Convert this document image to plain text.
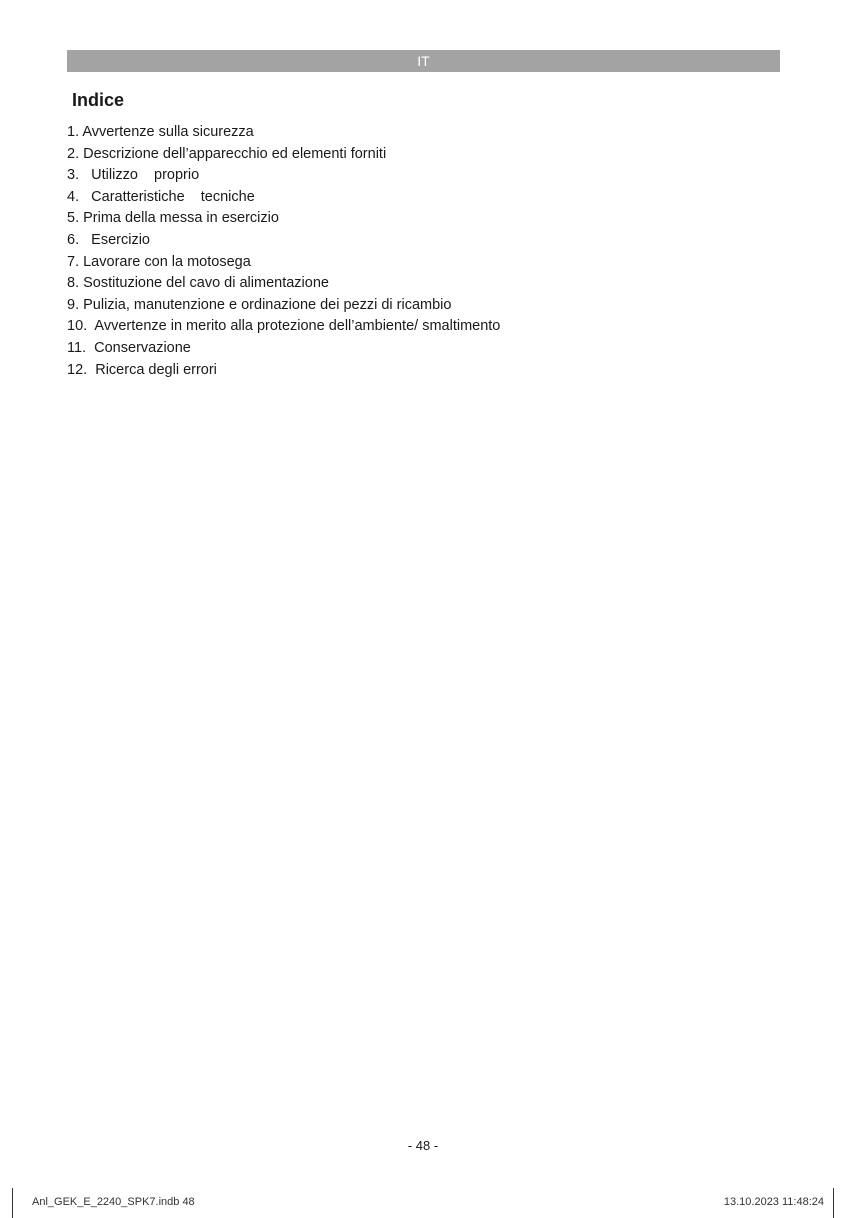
IT
Indice
1. Avvertenze sulla sicurezza
2. Descrizione dell’apparecchio ed elementi forniti
3.   Utilizzo    proprio
4.   Caratteristiche    tecniche
5. Prima della messa in esercizio
6.   Esercizio
7. Lavorare con la motosega
8. Sostituzione del cavo di alimentazione
9. Pulizia, manutenzione e ordinazione dei pezzi di ricambio
10.  Avvertenze in merito alla protezione dell’ambiente/ smaltimento
11.  Conservazione
12.  Ricerca degli errori
- 48 -
Anl_GEK_E_2240_SPK7.indb 48	13.10.2023 11:48:24
